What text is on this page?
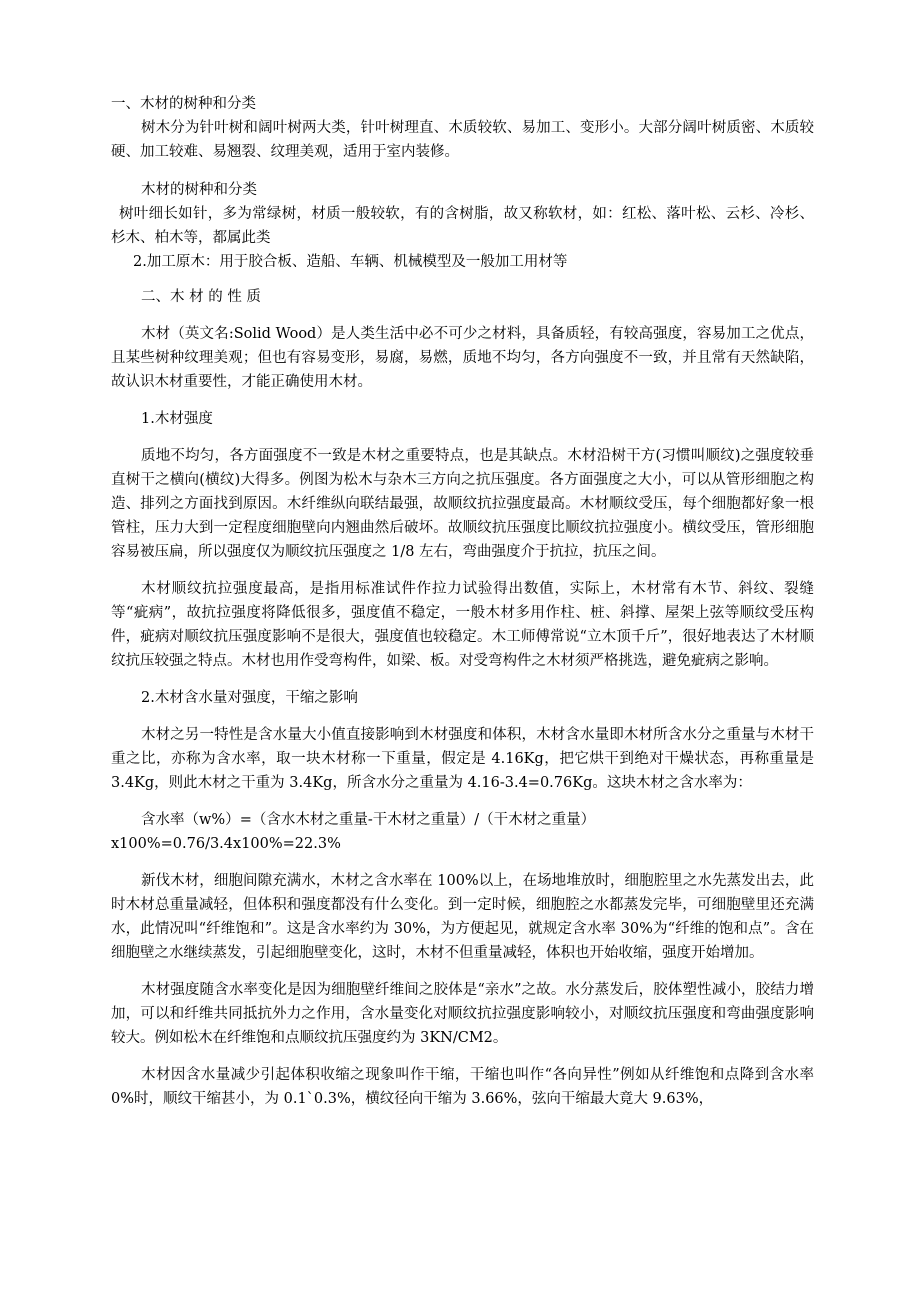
一、木材的树种和分类

树木分为针叶树和阔叶树两大类，针叶树理直、木质较软、易加工、变形小。大部分阔叶树质密、木质较硬、加工较难、易翘裂、纹理美观，适用于室内装修。

木材的树种和分类

树叶细长如针，多为常绿树，材质一般较软，有的含树脂，故又称软材，如：红松、落叶松、云杉、冷杉、杉木、柏木等，都属此类

2.加工原木：用于胶合板、造船、车辆、机械模型及一般加工用材等

二、木 材 的 性 质

木材（英文名:Solid Wood）是人类生活中必不可少之材料，具备质轻，有较高强度，容易加工之优点，且某些树种纹理美观；但也有容易变形，易腐，易燃，质地不均匀，各方向强度不一致，并且常有天然缺陷，故认识木材重要性，才能正确使用木材。

1.木材强度

质地不均匀，各方面强度不一致是木材之重要特点，也是其缺点。木材沿树干方(习惯叫顺纹)之强度较垂直树干之横向(横纹)大得多。例图为松木与杂木三方向之抗压强度。各方面强度之大小，可以从管形细胞之构造、排列之方面找到原因。木纤维纵向联结最强，故顺纹抗拉强度最高。木材顺纹受压，每个细胞都好象一根管柱，压力大到一定程度细胞壁向内翘曲然后破坏。故顺纹抗压强度比顺纹抗拉强度小。横纹受压，管形细胞容易被压扁，所以强度仅为顺纹抗压强度之 1/8 左右，弯曲强度介于抗拉，抗压之间。

木材顺纹抗拉强度最高，是指用标准试件作拉力试验得出数值，实际上，木材常有木节、斜纹、裂缝等“疵病”，故抗拉强度将降低很多，强度值不稳定，一般木材多用作柱、桩、斜撑、屋架上弦等顺纹受压构件，疵病对顺纹抗压强度影响不是很大，强度值也较稳定。木工师傅常说“立木顶千斤”，很好地表达了木材顺纹抗压较强之特点。木材也用作受弯构件，如梁、板。对受弯构件之木材须严格挑选，避免疵病之影响。

2.木材含水量对强度，干缩之影响

木材之另一特性是含水量大小值直接影响到木材强度和体积，木材含水量即木材所含水分之重量与木材干重之比，亦称为含水率，取一块木材称一下重量，假定是 4.16Kg，把它烘干到绝对干燥状态，再称重量是 3.4Kg，则此木材之干重为 3.4Kg，所含水分之重量为 4.16-3.4=0.76Kg。这块木材之含水率为：

含水率（w%）=（含水木材之重量-干木材之重量）/（干木材之重量）

x100%=0.76/3.4x100%=22.3%

新伐木材，细胞间隙充满水，木材之含水率在 100%以上，在场地堆放时，细胞腔里之水先蒸发出去，此时木材总重量减轻，但体积和强度都没有什么变化。到一定时候，细胞腔之水都蒸发完毕，可细胞壁里还充满水，此情况叫“纤维饱和”。这是含水率约为 30%，为方便起见，就规定含水率 30%为“纤维的饱和点”。含在细胞壁之水继续蒸发，引起细胞壁变化，这时，木材不但重量减轻，体积也开始收缩，强度开始增加。

木材强度随含水率变化是因为细胞壁纤维间之胶体是“亲水”之故。水分蒸发后，胶体塑性减小，胶结力增加，可以和纤维共同抵抗外力之作用，含水量变化对顺纹抗拉强度影响较小，对顺纹抗压强度和弯曲强度影响较大。例如松木在纤维饱和点顺纹抗压强度约为 3KN/CM2。

木材因含水量减少引起体积收缩之现象叫作干缩，干缩也叫作“各向异性”例如从纤维饱和点降到含水率 0%时，顺纹干缩甚小，为 0.1`0.3%，横纹径向干缩为 3.66%，弦向干缩最大竟大 9.63%，
